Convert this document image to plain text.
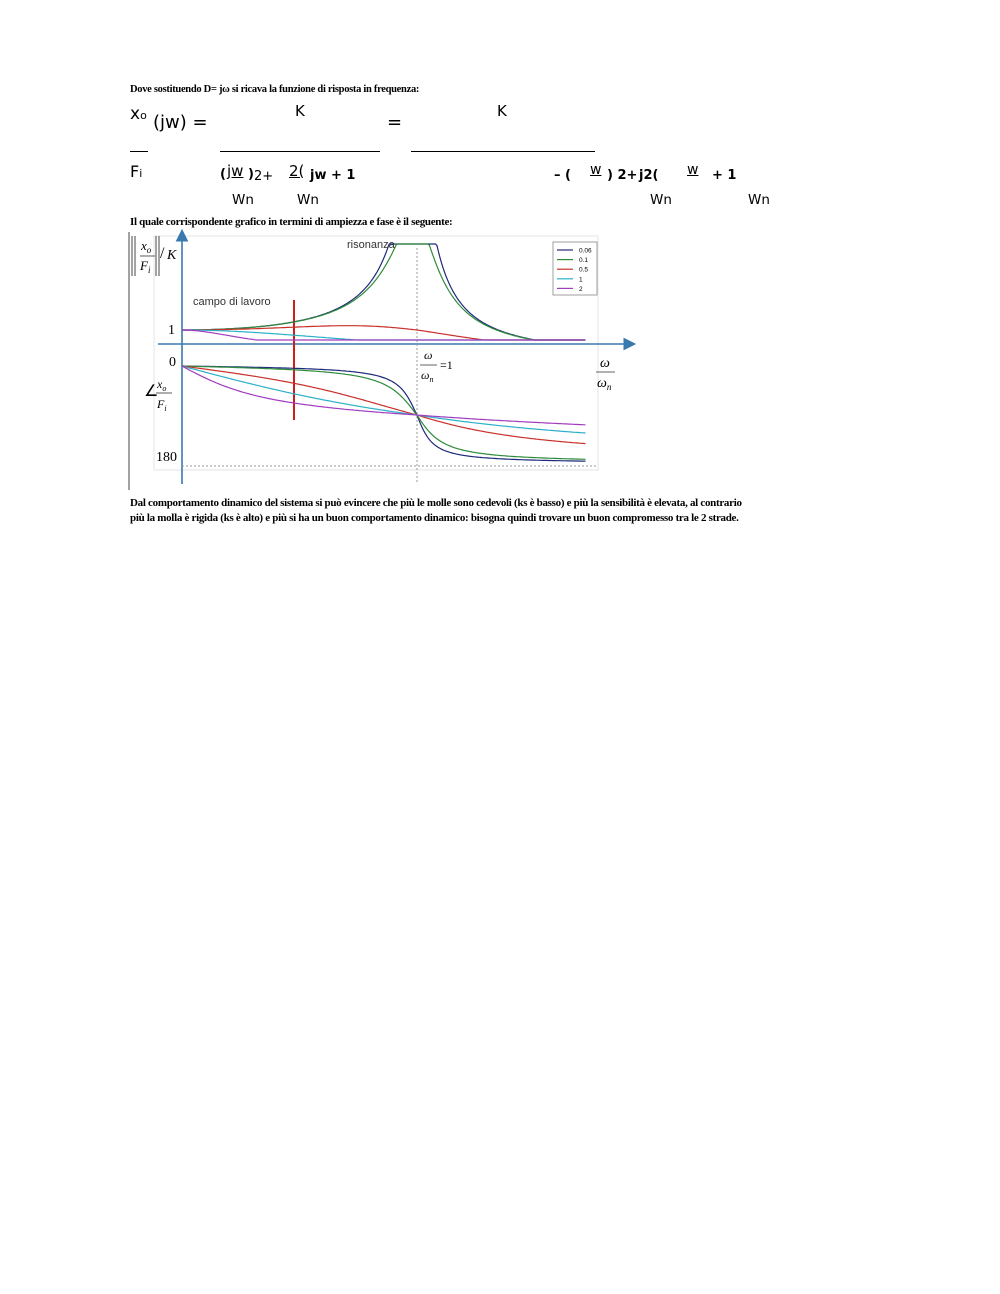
Dove sostituendo D= jω si ricava la funzione di risposta in frequenza:
xo (jw) =
K
=
K
Fi	( jw ) 2+ 2( jw + 1	– ( w ) 2+ j2( w + 1
Wn	Wn	Wn	Wn
Il quale corrispondente grafico in termini di ampiezza e fase è il seguente:
$x_o$
$F_i$
/ K
∠
$x_o$
$F_i$
1
0
180
risonanza
campo di lavoro
ω
$\omega_n$
=1	ω
$\omega_n$
0.06
0.1
0.5
1
2
Dal comportamento dinamico del sistema si può evincere che più le molle sono cedevoli (ks è basso) e più la sensibilità è elevata, al contrario
più la molla è rigida (ks è alto) e più si ha un buon comportamento dinamico: bisogna quindi trovare un buon compromesso tra le 2 strade.
